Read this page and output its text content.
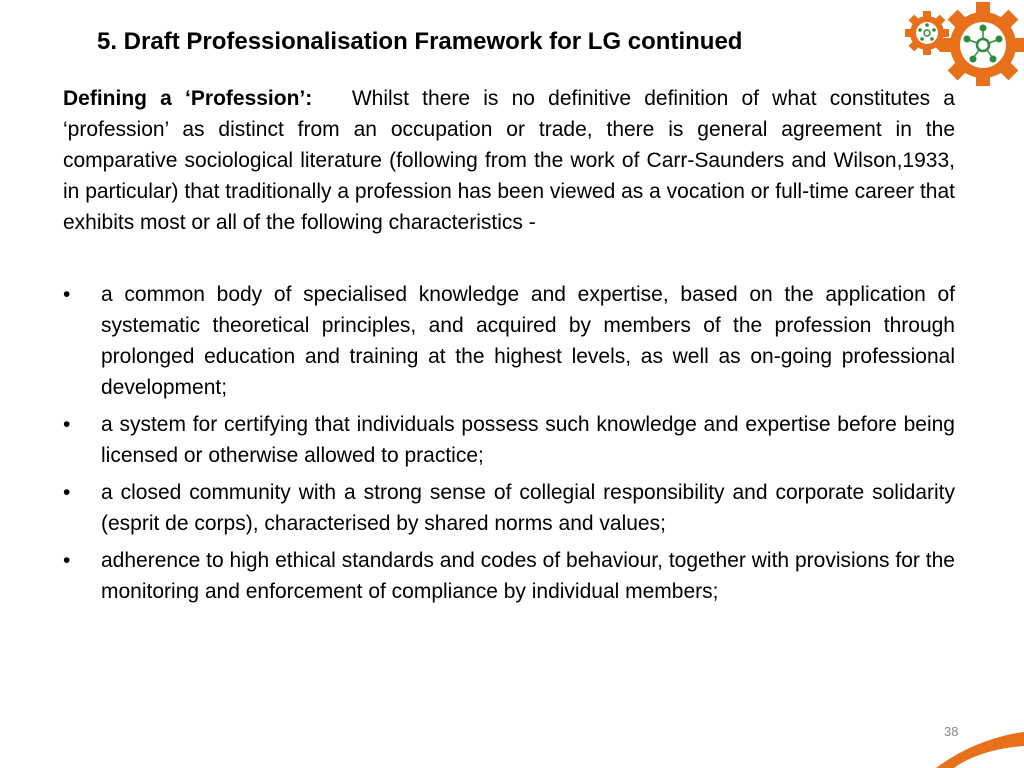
5. Draft Professionalisation Framework for LG continued

Defining a ‘Profession’: Whilst there is no definitive definition of what constitutes a ‘profession’ as distinct from an occupation or trade, there is general agreement in the comparative sociological literature (following from the work of Carr-Saunders and Wilson,1933, in particular) that traditionally a profession has been viewed as a vocation or full-time career that exhibits most or all of the following characteristics -

• a common body of specialised knowledge and expertise, based on the application of systematic theoretical principles, and acquired by members of the profession through prolonged education and training at the highest levels, as well as on-going professional development;
• a system for certifying that individuals possess such knowledge and expertise before being licensed or otherwise allowed to practice;
• a closed community with a strong sense of collegial responsibility and corporate solidarity (esprit de corps), characterised by shared norms and values;
• adherence to high ethical standards and codes of behaviour, together with provisions for the monitoring and enforcement of compliance by individual members;
38
